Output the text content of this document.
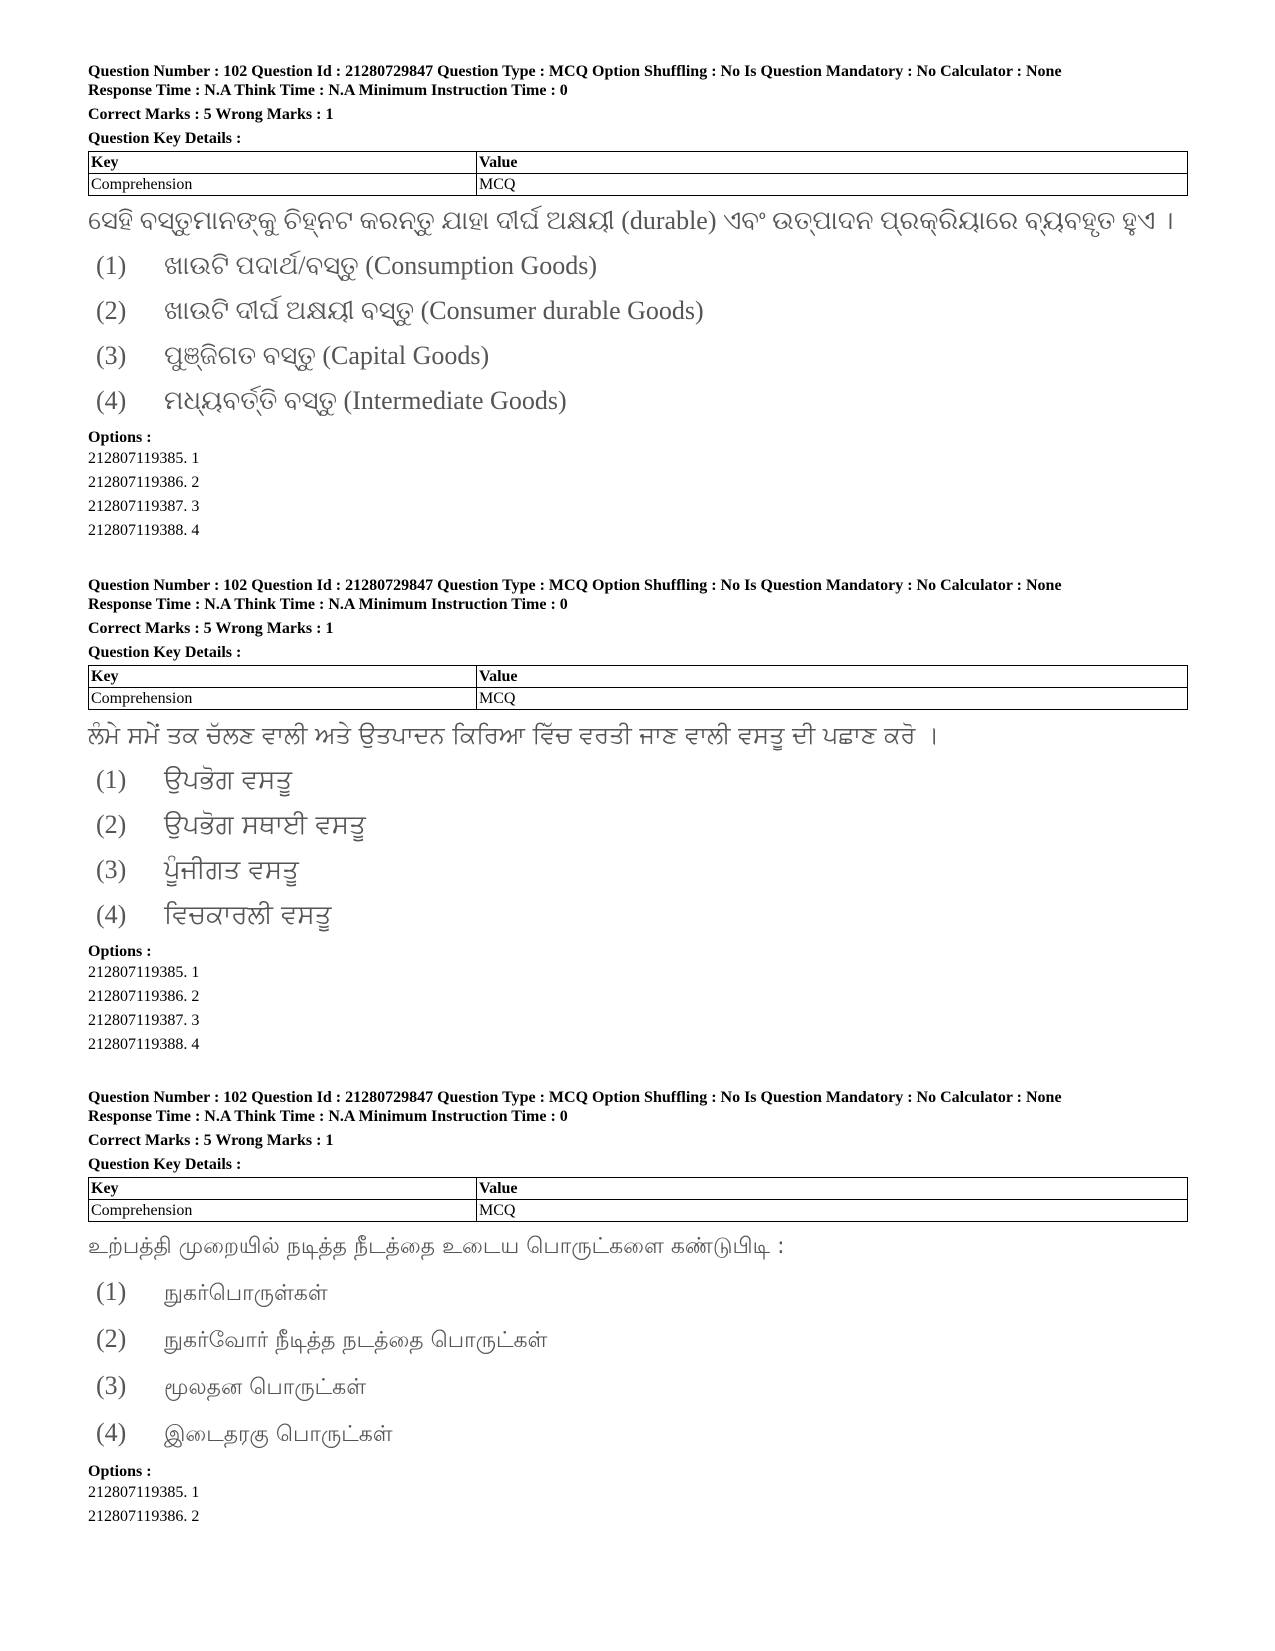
Question Number : 102 Question Id : 21280729847 Question Type : MCQ Option Shuffling : No Is Question Mandatory : No Calculator : None
Response Time : N.A Think Time : N.A Minimum Instruction Time : 0
Correct Marks : 5 Wrong Marks : 1
Question Key Details :
Key	Value
Comprehension	MCQ
ସେହି ବସ୍ତୁମାନଙ୍କୁ ଚିହ୍ନଟ କରନ୍ତୁ ଯାହା ଦୀର୍ଘ ଅକ୍ଷୟୀ (durable) ଏବଂ ଉତ୍ପାଦନ ପ୍ରକ୍ରିୟାରେ ବ୍ୟବହୃତ ହୁଏ ।
(1) ଖାଉଟି ପଦାର୍ଥ/ବସ୍ତୁ (Consumption Goods)
(2) ଖାଉଟି ଦୀର୍ଘ ଅକ୍ଷୟୀ ବସ୍ତୁ (Consumer durable Goods)
(3) ପୁଞ୍ଜିଗତ ବସ୍ତୁ (Capital Goods)
(4) ମଧ୍ୟବର୍ତ୍ତି ବସ୍ତୁ (Intermediate Goods)
Options :
212807119385. 1
212807119386. 2
212807119387. 3
212807119388. 4
Question Number : 102 Question Id : 21280729847 Question Type : MCQ Option Shuffling : No Is Question Mandatory : No Calculator : None
Response Time : N.A Think Time : N.A Minimum Instruction Time : 0
Correct Marks : 5 Wrong Marks : 1
Question Key Details :
Key	Value
Comprehension	MCQ
ਲੰਮੇ ਸਮੇਂ ਤਕ ਚੱਲਣ ਵਾਲੀ ਅਤੇ ਉਤਪਾਦਨ ਕਿਰਿਆ ਵਿੱਚ ਵਰਤੀ ਜਾਣ ਵਾਲੀ ਵਸਤੂ ਦੀ ਪਛਾਣ ਕਰੋ ।
(1) ਉਪਭੋਗ ਵਸਤੂ
(2) ਉਪਭੋਗ ਸਥਾਈ ਵਸਤੂ
(3) ਪੂੰਜੀਗਤ ਵਸਤੂ
(4) ਵਿਚਕਾਰਲੀ ਵਸਤੂ
Options :
212807119385. 1
212807119386. 2
212807119387. 3
212807119388. 4
Question Number : 102 Question Id : 21280729847 Question Type : MCQ Option Shuffling : No Is Question Mandatory : No Calculator : None
Response Time : N.A Think Time : N.A Minimum Instruction Time : 0
Correct Marks : 5 Wrong Marks : 1
Question Key Details :
Key	Value
Comprehension	MCQ
உற்பத்தி முறையில் நடித்த நீடத்தை உடைய பொருட்களை கண்டுபிடி :
(1) நுகர்பொருள்கள்
(2) நுகர்வோர் நீடித்த நடத்தை பொருட்கள்
(3) மூலதன பொருட்கள்
(4) இடைதரகு பொருட்கள்
Options :
212807119385. 1
212807119386. 2
